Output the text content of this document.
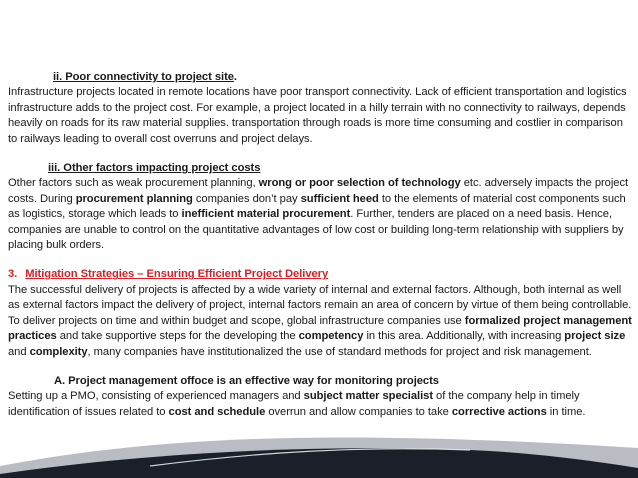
ii. Poor connectivity to project site.

Infrastructure projects located in remote locations have poor transport connectivity. Lack of efficient transportation and logistics infrastructure adds to the project cost. For example, a project located in a hilly terrain with no connectivity to railways, depends heavily on roads for its raw material supplies. transportation through roads is more time consuming and costlier in comparison to railways leading to overall cost overruns and project delays.

iii. Other factors impacting project costs

Other factors such as weak procurement planning, wrong or poor selection of technology etc. adversely impacts the project costs. During procurement planning companies don’t pay sufficient heed to the elements of material cost components such as logistics, storage which leads to inefficient material procurement. Further, tenders are placed on a need basis. Hence, companies are unable to control on the quantitative advantages of low cost or building long-term relationship with suppliers by placing bulk orders.

3. Mitigation Strategies – Ensuring Efficient Project Delivery

The successful delivery of projects is affected by a wide variety of internal and external factors. Although, both internal as well as external factors impact the delivery of project, internal factors remain an area of concern by virtue of them being controllable. To deliver projects on time and within budget and scope, global infrastructure companies use formalized project management practices and take supportive steps for the developing the competency in this area. Additionally, with increasing project size and complexity, many companies have institutionalized the use of standard methods for project and risk management.

A. Project management offoce is an effective way for monitoring projects

Setting up a PMO, consisting of experienced managers and subject matter specialist of the company help in timely identification of issues related to cost and schedule overrun and allow companies to take corrective actions in time.
